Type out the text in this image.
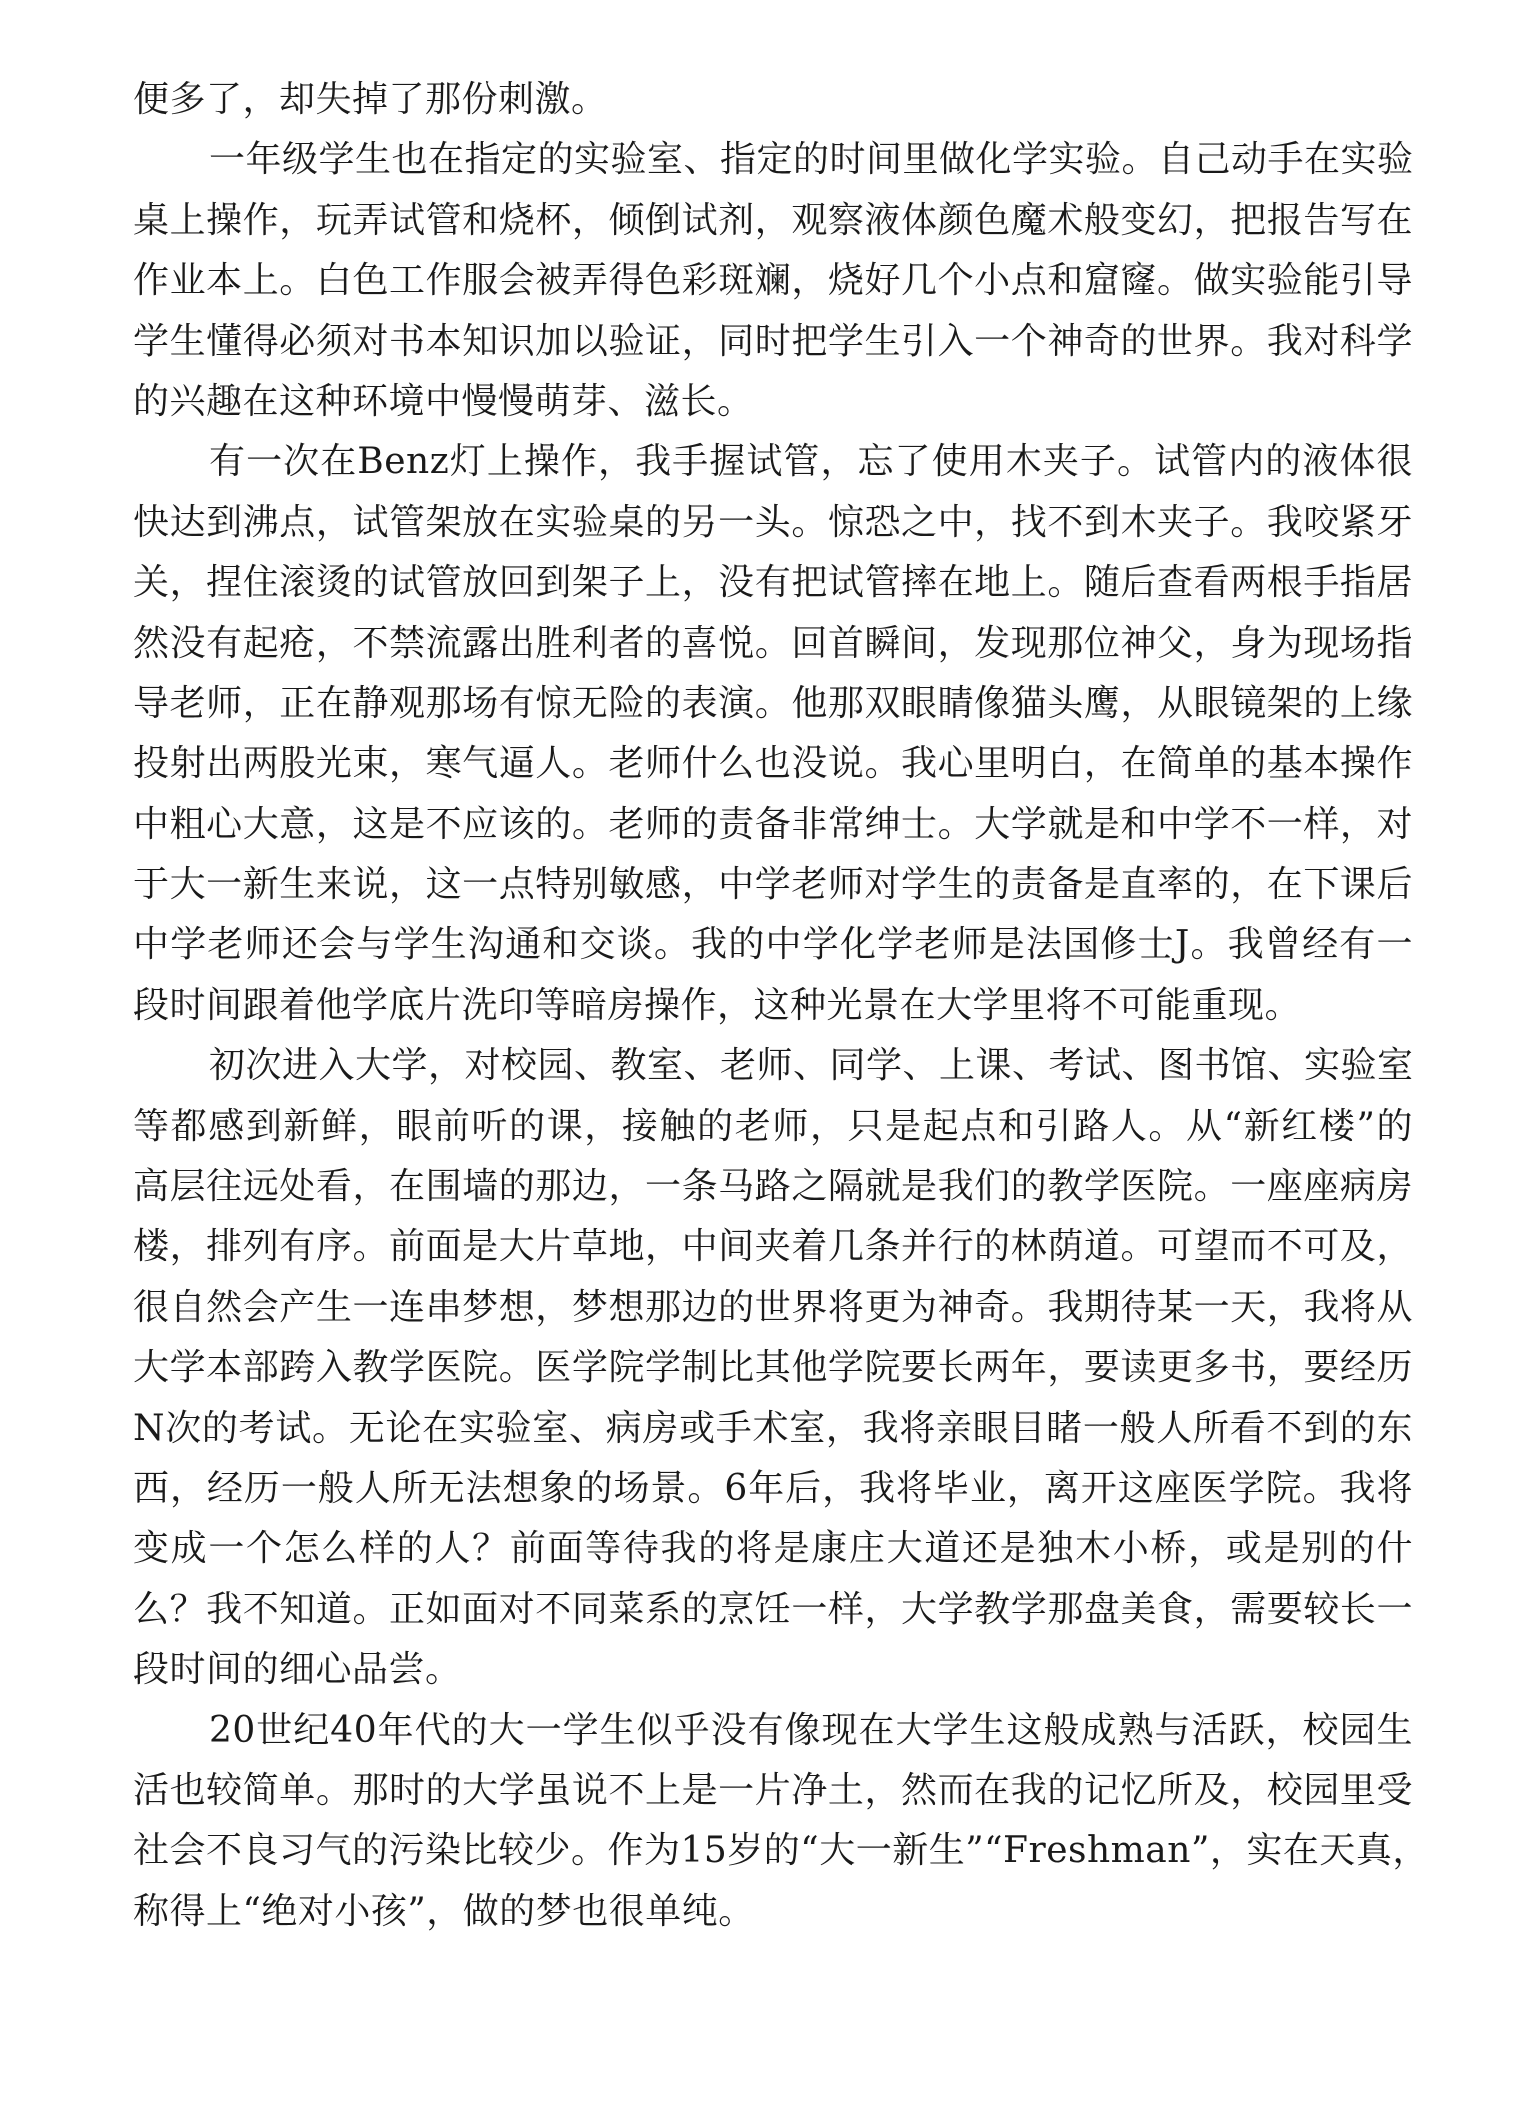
便多了，却失掉了那份刺激。
一年级学生也在指定的实验室、指定的时间里做化学实验。自己动手在实验
桌上操作，玩弄试管和烧杯，倾倒试剂，观察液体颜色魔术般变幻，把报告写在
作业本上。白色工作服会被弄得色彩斑斓，烧好几个小点和窟窿。做实验能引导
学生懂得必须对书本知识加以验证，同时把学生引入一个神奇的世界。我对科学
的兴趣在这种环境中慢慢萌芽、滋长。
有一次在Benz灯上操作，我手握试管，忘了使用木夹子。试管内的液体很
快达到沸点，试管架放在实验桌的另一头。惊恐之中，找不到木夹子。我咬紧牙
关，捏住滚烫的试管放回到架子上，没有把试管摔在地上。随后查看两根手指居
然没有起疮，不禁流露出胜利者的喜悦。回首瞬间，发现那位神父，身为现场指
导老师，正在静观那场有惊无险的表演。他那双眼睛像猫头鹰，从眼镜架的上缘
投射出两股光束，寒气逼人。老师什么也没说。我心里明白，在简单的基本操作
中粗心大意，这是不应该的。老师的责备非常绅士。大学就是和中学不一样，对
于大一新生来说，这一点特别敏感，中学老师对学生的责备是直率的，在下课后
中学老师还会与学生沟通和交谈。我的中学化学老师是法国修士J。我曾经有一
段时间跟着他学底片洗印等暗房操作，这种光景在大学里将不可能重现。
初次进入大学，对校园、教室、老师、同学、上课、考试、图书馆、实验室
等都感到新鲜，眼前听的课，接触的老师，只是起点和引路人。从“新红楼”的
高层往远处看，在围墙的那边，一条马路之隔就是我们的教学医院。一座座病房
楼，排列有序。前面是大片草地，中间夹着几条并行的林荫道。可望而不可及，
很自然会产生一连串梦想，梦想那边的世界将更为神奇。我期待某一天，我将从
大学本部跨入教学医院。医学院学制比其他学院要长两年，要读更多书，要经历
N次的考试。无论在实验室、病房或手术室，我将亲眼目睹一般人所看不到的东
西，经历一般人所无法想象的场景。6年后，我将毕业，离开这座医学院。我将
变成一个怎么样的人？前面等待我的将是康庄大道还是独木小桥，或是别的什
么？我不知道。正如面对不同菜系的烹饪一样，大学教学那盘美食，需要较长一
段时间的细心品尝。
20世纪40年代的大一学生似乎没有像现在大学生这般成熟与活跃，校园生
活也较简单。那时的大学虽说不上是一片净土，然而在我的记忆所及，校园里受
社会不良习气的污染比较少。作为15岁的“大一新生”“Freshman”，实在天真，
称得上“绝对小孩”，做的梦也很单纯。
